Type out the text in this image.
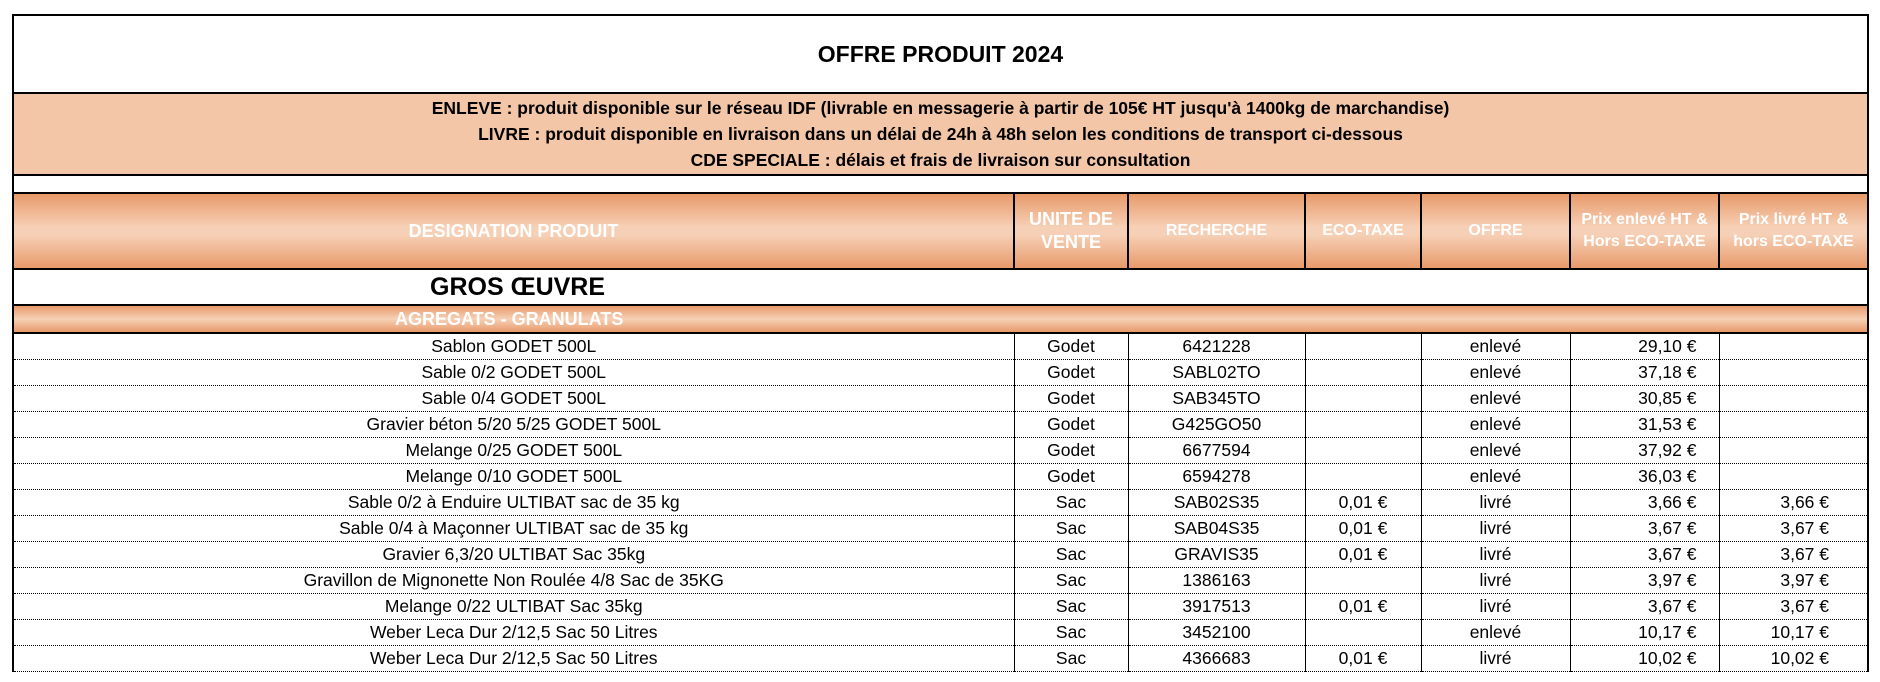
OFFRE PRODUIT 2024
ENLEVE : produit disponible sur le réseau IDF (livrable en messagerie à partir de 105€ HT jusqu'à 1400kg de marchandise)
LIVRE : produit disponible en livraison dans un délai de 24h à 48h selon les conditions de transport ci-dessous
CDE SPECIALE : délais et frais de livraison sur consultation
DESIGNATION PRODUIT	UNITE DE VENTE	RECHERCHE	ECO-TAXE	OFFRE	Prix enlevé HT & Hors ECO-TAXE	Prix livré HT & hors ECO-TAXE
GROS ŒUVRE						
AGREGATS - GRANULATS						
Sablon GODET 500L	Godet	6421228		enlevé	29,10 €	
Sable 0/2 GODET 500L	Godet	SABL02TO		enlevé	37,18 €	
Sable 0/4 GODET 500L	Godet	SAB345TO		enlevé	30,85 €	
Gravier béton 5/20 5/25 GODET 500L	Godet	G425GO50		enlevé	31,53 €	
Melange 0/25 GODET 500L	Godet	6677594		enlevé	37,92 €	
Melange 0/10 GODET 500L	Godet	6594278		enlevé	36,03 €	
Sable 0/2 à Enduire ULTIBAT sac de 35 kg	Sac	SAB02S35	0,01 €	livré	3,66 €	3,66 €
Sable 0/4 à Maçonner ULTIBAT sac de 35 kg	Sac	SAB04S35	0,01 €	livré	3,67 €	3,67 €
Gravier 6,3/20 ULTIBAT Sac 35kg	Sac	GRAVIS35	0,01 €	livré	3,67 €	3,67 €
Gravillon de Mignonette Non Roulée 4/8 Sac de 35KG	Sac	1386163		livré	3,97 €	3,97 €
Melange 0/22 ULTIBAT Sac 35kg	Sac	3917513	0,01 €	livré	3,67 €	3,67 €
Weber Leca Dur 2/12,5 Sac 50 Litres	Sac	3452100		enlevé	10,17 €	10,17 €
Weber Leca Dur 2/12,5 Sac 50 Litres	Sac	4366683	0,01 €	livré	10,02 €	10,02 €
